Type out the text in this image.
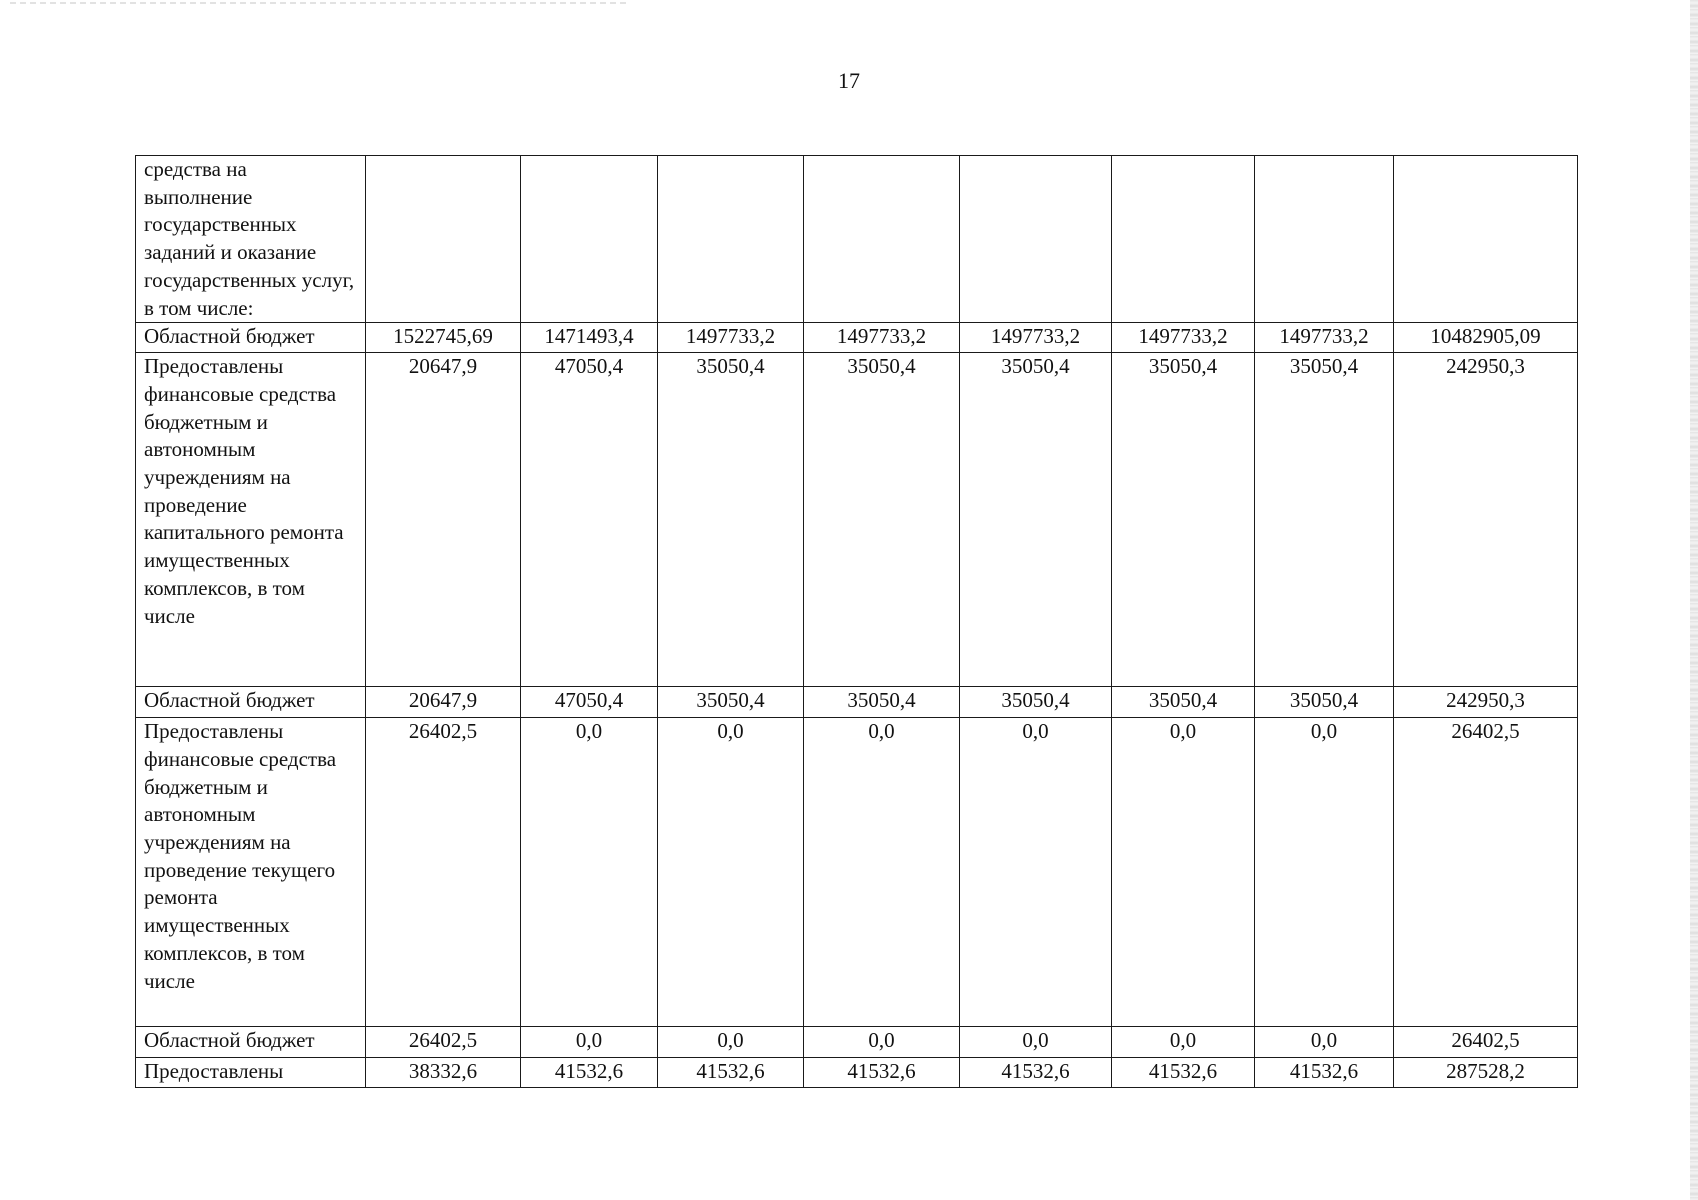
17
средства на выполнение государственных заданий и оказание государственных услуг, в том числе:								
Областной бюджет	1522745,69	1471493,4	1497733,2	1497733,2	1497733,2	1497733,2	1497733,2	10482905,09
Предоставлены финансовые средства бюджетным и автономным учреждениям на проведение капитального ремонта имущественных комплексов, в том числе	20647,9	47050,4	35050,4	35050,4	35050,4	35050,4	35050,4	242950,3
Областной бюджет	20647,9	47050,4	35050,4	35050,4	35050,4	35050,4	35050,4	242950,3
Предоставлены финансовые средства бюджетным и автономным учреждениям на проведение текущего ремонта имущественных комплексов, в том числе	26402,5	0,0	0,0	0,0	0,0	0,0	0,0	26402,5
Областной бюджет	26402,5	0,0	0,0	0,0	0,0	0,0	0,0	26402,5
Предоставлены	38332,6	41532,6	41532,6	41532,6	41532,6	41532,6	41532,6	287528,2
